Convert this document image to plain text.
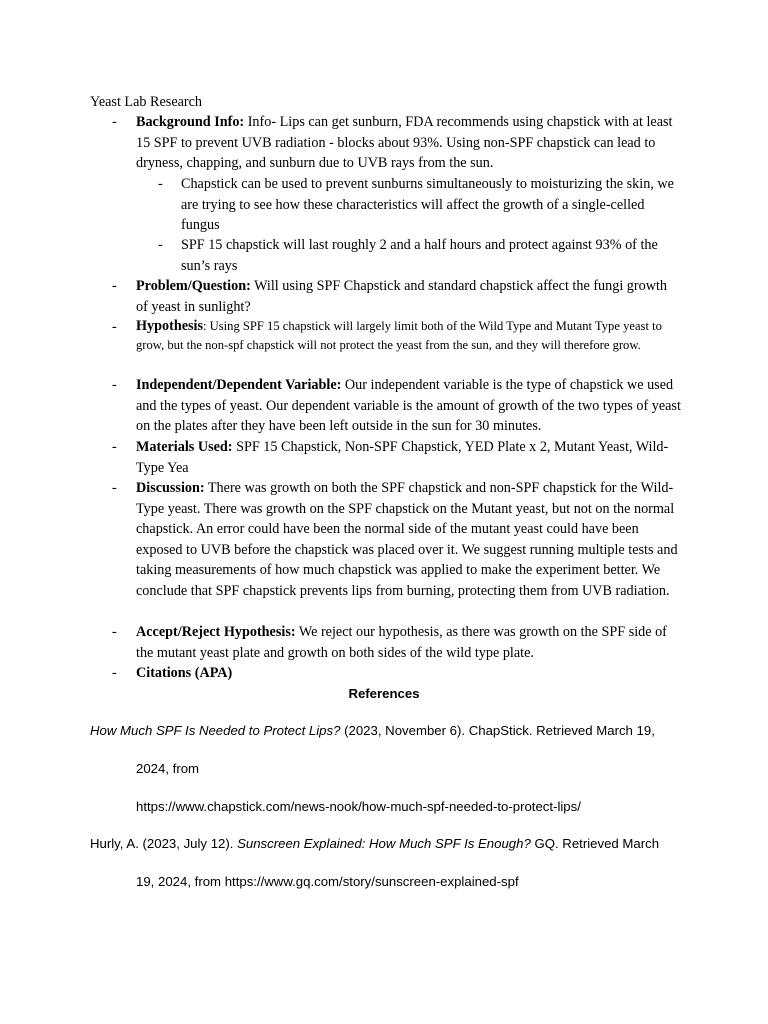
Yeast Lab Research
- Background Info: Info- Lips can get sunburn, FDA recommends using chapstick with at least 15 SPF to prevent UVB radiation - blocks about 93%. Using non-SPF chapstick can lead to dryness, chapping, and sunburn due to UVB rays from the sun.
- Chapstick can be used to prevent sunburns simultaneously to moisturizing the skin, we are trying to see how these characteristics will affect the growth of a single-celled fungus
- SPF 15 chapstick will last roughly 2 and a half hours and protect against 93% of the sun’s rays
- Problem/Question: Will using SPF Chapstick and standard chapstick affect the fungi growth of yeast in sunlight?
- Hypothesis: Using SPF 15 chapstick will largely limit both of the Wild Type and Mutant Type yeast to grow, but the non-spf chapstick will not protect the yeast from the sun, and they will therefore grow.
- Independent/Dependent Variable: Our independent variable is the type of chapstick we used and the types of yeast. Our dependent variable is the amount of growth of the two types of yeast on the plates after they have been left outside in the sun for 30 minutes.
- Materials Used: SPF 15 Chapstick, Non-SPF Chapstick, YED Plate x 2, Mutant Yeast, Wild-Type Yea
- Discussion: There was growth on both the SPF chapstick and non-SPF chapstick for the Wild-Type yeast. There was growth on the SPF chapstick on the Mutant yeast, but not on the normal chapstick. An error could have been the normal side of the mutant yeast could have been exposed to UVB before the chapstick was placed over it. We suggest running multiple tests and taking measurements of how much chapstick was applied to make the experiment better. We conclude that SPF chapstick prevents lips from burning, protecting them from UVB radiation.
- Accept/Reject Hypothesis: We reject our hypothesis, as there was growth on the SPF side of the mutant yeast plate and growth on both sides of the wild type plate.
- Citations (APA)
References
How Much SPF Is Needed to Protect Lips? (2023, November 6). ChapStick. Retrieved March 19,
2024, from
https://www.chapstick.com/news-nook/how-much-spf-needed-to-protect-lips/
Hurly, A. (2023, July 12). Sunscreen Explained: How Much SPF Is Enough? GQ. Retrieved March
19, 2024, from https://www.gq.com/story/sunscreen-explained-spf
